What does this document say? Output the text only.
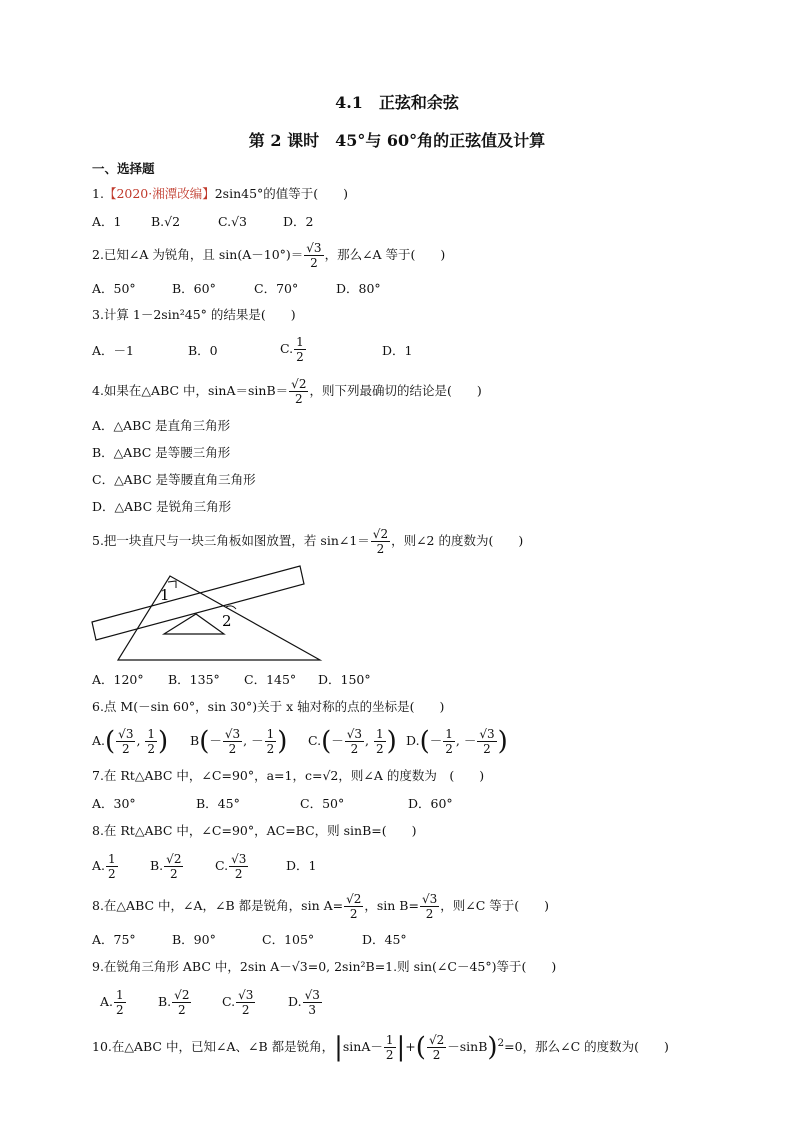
4.1　正弦和余弦
第 2 课时　45°与 60°角的正弦值及计算
一、选择题
1.【2020·湘潭改编】2sin45°的值等于(　　)
A．1 B.√2	C.√3	D．2
2.已知∠A 为锐角，且 $\sin(A-10^\circ)= \frac{√3}{2}$ ，那么∠A 等于(　　)
A．50°	B．60°	C．70°	D．80°
3.计算 1－2sin²45° 的结果是(　　)
A．－1	B．0	C. $\frac{1}{2}$	D．1
4.如果在△ABC 中，$\sin A=\sin B= \frac{√2}{2}$ ，则下列最确切的结论是(　　)
A．△ABC 是直角三角形
B．△ABC 是等腰三角形
C．△ABC 是等腰直角三角形
D．△ABC 是锐角三角形
5.把一块直尺与一块三角板如图放置，若 sin∠1＝ $\frac{√2}{2}$ ，则∠2 的度数为(　　)
1
2
A．120° B．135° C．145° D．150°
6.点 M(－sin 60°，sin 30°)关于 x 轴对称的点的坐标是(　　)
$A.( \frac{√3}{2}$ , $\frac{1}{2}$ ) $B(- \frac{√3}{2}$ , － $\frac{1}{2}$ ) $C.(- \frac{√3}{2}$ , $\frac{1}{2}$ ) $D.(- \frac{1}{2}$ , － $\frac{√3}{2}$ )
7.在 Rt△ABC 中，∠C=90°，a=1，c=√2，则∠A 的度数为　(　　)
A．30°	B．45°	C．50°	D．60°
8.在 Rt△ABC 中，∠C=90°，AC=BC，则 sinB=(　　)
A. $\frac{1}{2}$	B. $\frac{√2}{2}$	C. $\frac{√3}{2}$	D．1
8.在△ABC 中，∠A，∠B 都是锐角，$\sin A= \frac{√2}{2}$ ，$\sin B= \frac{√3}{2}$ ，则∠C 等于(　　)
A．75°	B．90°	C．105°	D．45°
9.在锐角三角形 ABC 中，2sin A－√3=0, 2sin²B=1.则 sin(∠C－45°)等于(　　)
A. $\frac{1}{2}$	B. $\frac{√2}{2} C$. $\frac{√3}{2}$	D. $\frac{√3}{3}$
10.在△ABC 中，已知∠A、∠B 都是锐角，$|\sin A- \frac{1}{2}$ |+( $\frac{√2}{2} -\sin B)^2=0$，那么∠C 的度数为(　　)
